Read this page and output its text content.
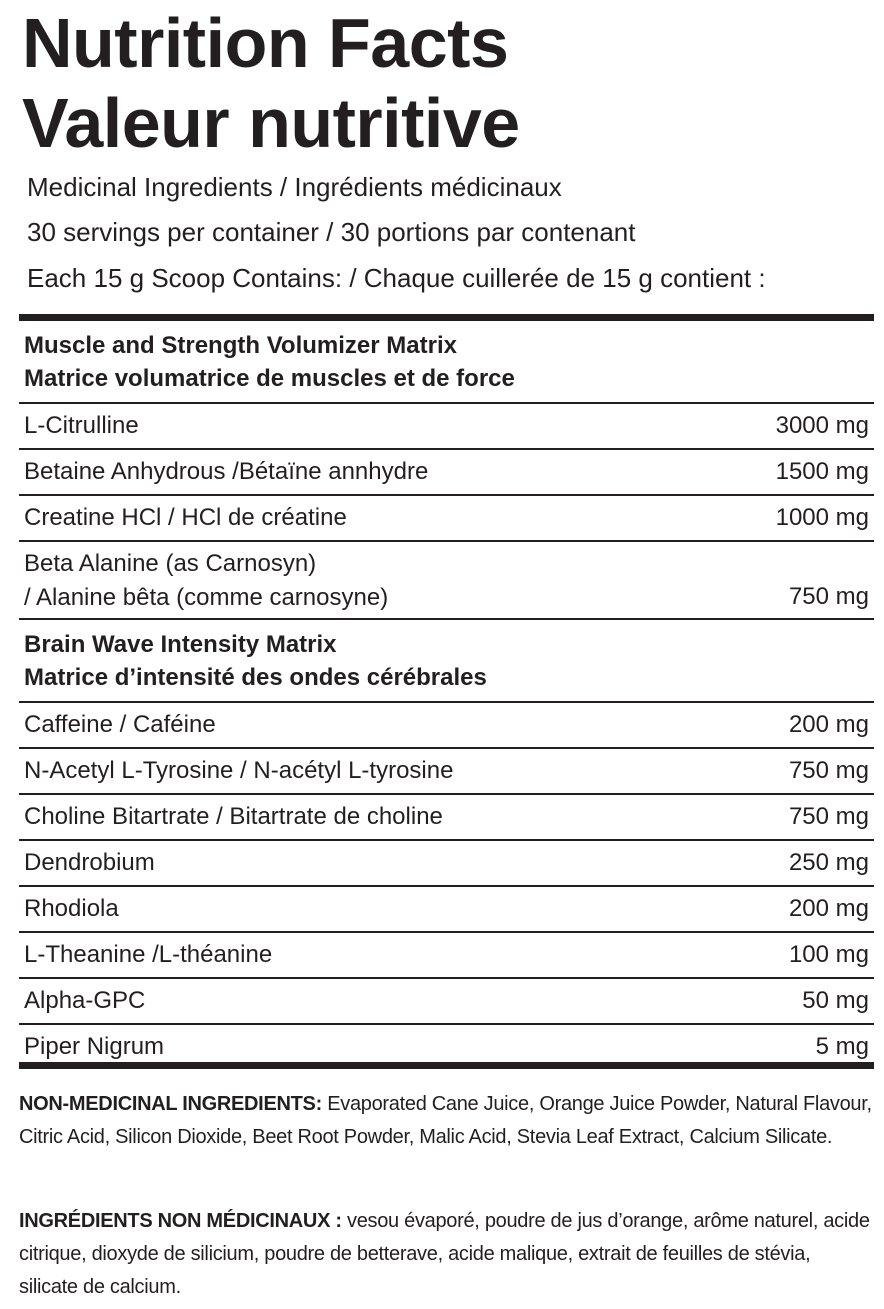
Nutrition Facts
Valeur nutritive
Medicinal Ingredients / Ingrédients médicinaux
30 servings per container / 30 portions par contenant
Each 15 g Scoop Contains: / Chaque cuillerée de 15 g contient :
Muscle and Strength Volumizer Matrix
Matrice volumatrice de muscles et de force
L-Citrulline	3000 mg
Betaine Anhydrous /Bétaïne annhydre	1500 mg
Creatine HCl / HCl de créatine	1000 mg
Beta Alanine (as Carnosyn)
/ Alanine bêta (comme carnosyne)	750 mg
Brain Wave Intensity Matrix
Matrice d’intensité des ondes cérébrales
Caffeine / Caféine	200 mg
N-Acetyl L-Tyrosine / N-acétyl L-tyrosine	750 mg
Choline Bitartrate / Bitartrate de choline	750 mg
Dendrobium	250 mg
Rhodiola	200 mg
L-Theanine /L-théanine	100 mg
Alpha-GPC	50 mg
Piper Nigrum	5 mg
NON-MEDICINAL INGREDIENTS: Evaporated Cane Juice, Orange Juice Powder, Natural Flavour, Citric Acid, Silicon Dioxide, Beet Root Powder, Malic Acid, Stevia Leaf Extract, Calcium Silicate.
INGRÉDIENTS NON MÉDICINAUX : vesou évaporé, poudre de jus d’orange, arôme naturel, acide citrique, dioxyde de silicium, poudre de betterave, acide malique, extrait de feuilles de stévia, silicate de calcium.
